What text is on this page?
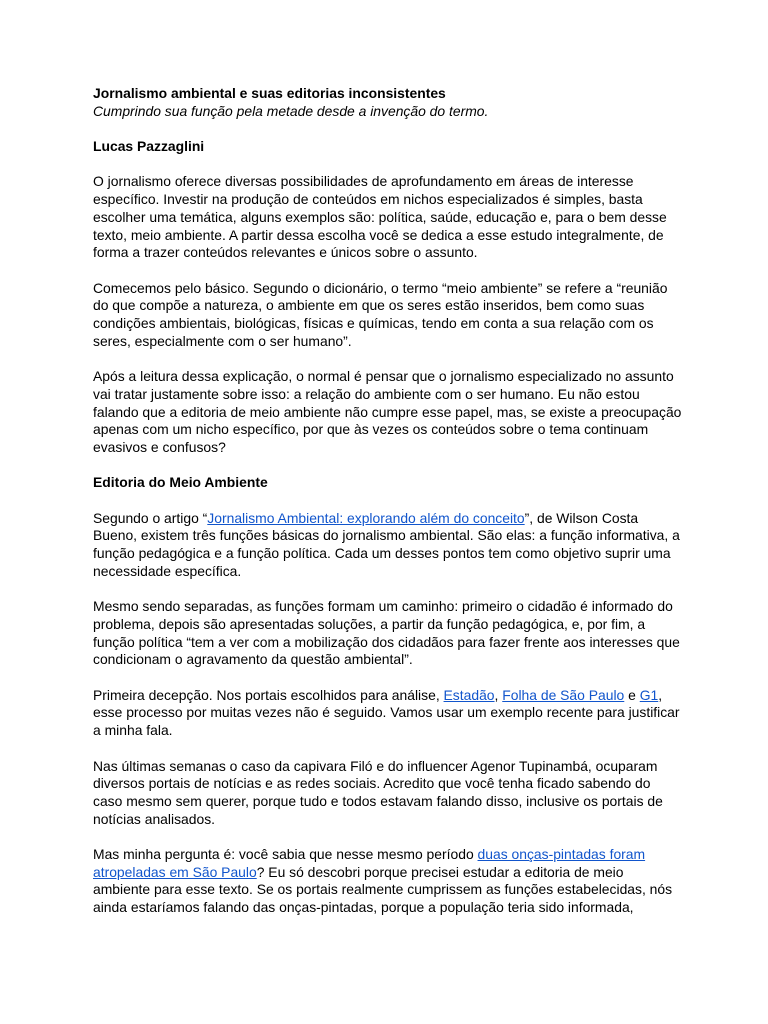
Jornalismo ambiental e suas editorias inconsistentes

Cumprindo sua função pela metade desde a invenção do termo.

Lucas Pazzaglini

O jornalismo oferece diversas possibilidades de aprofundamento em áreas de interesse específico. Investir na produção de conteúdos em nichos especializados é simples, basta escolher uma temática, alguns exemplos são: política, saúde, educação e, para o bem desse texto, meio ambiente. A partir dessa escolha você se dedica a esse estudo integralmente, de forma a trazer conteúdos relevantes e únicos sobre o assunto.

Comecemos pelo básico. Segundo o dicionário, o termo “meio ambiente” se refere a “reunião do que compõe a natureza, o ambiente em que os seres estão inseridos, bem como suas condições ambientais, biológicas, físicas e químicas, tendo em conta a sua relação com os seres, especialmente com o ser humano”.

Após a leitura dessa explicação, o normal é pensar que o jornalismo especializado no assunto vai tratar justamente sobre isso: a relação do ambiente com o ser humano. Eu não estou falando que a editoria de meio ambiente não cumpre esse papel, mas, se existe a preocupação apenas com um nicho específico, por que às vezes os conteúdos sobre o tema continuam evasivos e confusos?

Editoria do Meio Ambiente

Segundo o artigo “Jornalismo Ambiental: explorando além do conceito”, de Wilson Costa Bueno, existem três funções básicas do jornalismo ambiental. São elas: a função informativa, a função pedagógica e a função política. Cada um desses pontos tem como objetivo suprir uma necessidade específica.

Mesmo sendo separadas, as funções formam um caminho: primeiro o cidadão é informado do problema, depois são apresentadas soluções, a partir da função pedagógica, e, por fim, a função política “tem a ver com a mobilização dos cidadãos para fazer frente aos interesses que condicionam o agravamento da questão ambiental”.

Primeira decepção. Nos portais escolhidos para análise, Estadão, Folha de São Paulo e G1, esse processo por muitas vezes não é seguido. Vamos usar um exemplo recente para justificar a minha fala.

Nas últimas semanas o caso da capivara Filó e do influencer Agenor Tupinambá, ocuparam diversos portais de notícias e as redes sociais. Acredito que você tenha ficado sabendo do caso mesmo sem querer, porque tudo e todos estavam falando disso, inclusive os portais de notícias analisados.

Mas minha pergunta é: você sabia que nesse mesmo período duas onças-pintadas foram atropeladas em São Paulo? Eu só descobri porque precisei estudar a editoria de meio ambiente para esse texto. Se os portais realmente cumprissem as funções estabelecidas, nós ainda estaríamos falando das onças-pintadas, porque a população teria sido informada,
